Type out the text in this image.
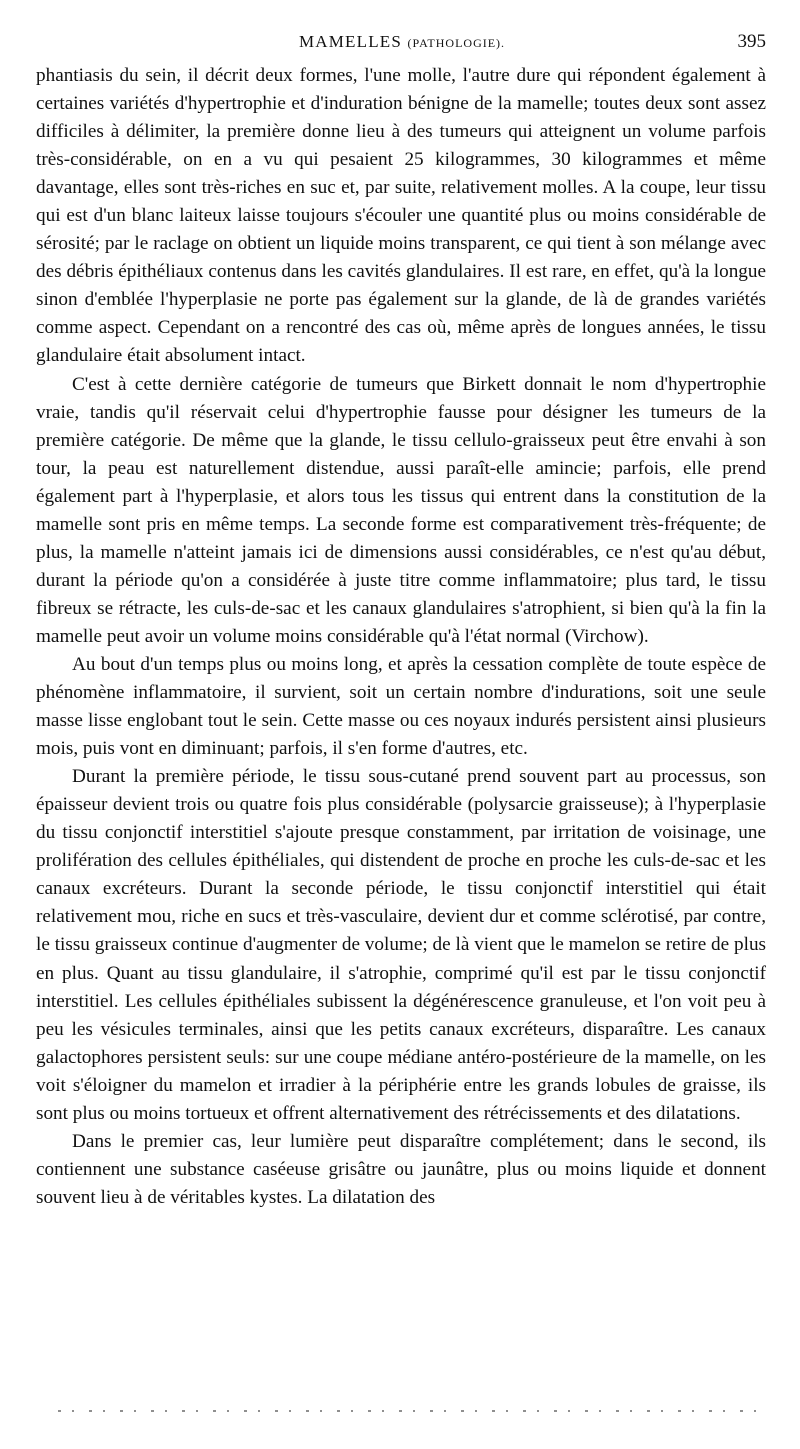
MAMELLES (PATHOLOGIE).	395

phantiasis du sein, il décrit deux formes, l'une molle, l'autre dure qui répondent également à certaines variétés d'hypertrophie et d'induration bénigne de la mamelle; toutes deux sont assez difficiles à délimiter, la première donne lieu à des tumeurs qui atteignent un volume parfois très-considérable, on en a vu qui pesaient 25 kilogrammes, 30 kilogrammes et même davantage, elles sont très-riches en suc et, par suite, relativement molles. A la coupe, leur tissu qui est d'un blanc laiteux laisse toujours s'écouler une quantité plus ou moins considérable de sérosité; par le raclage on obtient un liquide moins transparent, ce qui tient à son mélange avec des débris épithéliaux contenus dans les cavités glandulaires. Il est rare, en effet, qu'à la longue sinon d'emblée l'hyperplasie ne porte pas également sur la glande, de là de grandes variétés comme aspect. Cependant on a rencontré des cas où, même après de longues années, le tissu glandulaire était absolument intact.

C'est à cette dernière catégorie de tumeurs que Birkett donnait le nom d'hypertrophie vraie, tandis qu'il réservait celui d'hypertrophie fausse pour désigner les tumeurs de la première catégorie. De même que la glande, le tissu cellulo-graisseux peut être envahi à son tour, la peau est naturellement distendue, aussi paraît-elle amincie; parfois, elle prend également part à l'hyperplasie, et alors tous les tissus qui entrent dans la constitution de la mamelle sont pris en même temps. La seconde forme est comparativement très-fréquente; de plus, la mamelle n'atteint jamais ici de dimensions aussi considérables, ce n'est qu'au début, durant la période qu'on a considérée à juste titre comme inflammatoire; plus tard, le tissu fibreux se rétracte, les culs-de-sac et les canaux glandulaires s'atrophient, si bien qu'à la fin la mamelle peut avoir un volume moins considérable qu'à l'état normal (Virchow).

Au bout d'un temps plus ou moins long, et après la cessation complète de toute espèce de phénomène inflammatoire, il survient, soit un certain nombre d'indurations, soit une seule masse lisse englobant tout le sein. Cette masse ou ces noyaux indurés persistent ainsi plusieurs mois, puis vont en diminuant; parfois, il s'en forme d'autres, etc.

Durant la première période, le tissu sous-cutané prend souvent part au processus, son épaisseur devient trois ou quatre fois plus considérable (polysarcie graisseuse); à l'hyperplasie du tissu conjonctif interstitiel s'ajoute presque constamment, par irritation de voisinage, une prolifération des cellules épithéliales, qui distendent de proche en proche les culs-de-sac et les canaux excréteurs. Durant la seconde période, le tissu conjonctif interstitiel qui était relativement mou, riche en sucs et très-vasculaire, devient dur et comme sclérotisé, par contre, le tissu graisseux continue d'augmenter de volume; de là vient que le mamelon se retire de plus en plus. Quant au tissu glandulaire, il s'atrophie, comprimé qu'il est par le tissu conjonctif interstitiel. Les cellules épithéliales subissent la dégénérescence granuleuse, et l'on voit peu à peu les vésicules terminales, ainsi que les petits canaux excréteurs, disparaître. Les canaux galactophores persistent seuls: sur une coupe médiane antéro-postérieure de la mamelle, on les voit s'éloigner du mamelon et irradier à la périphérie entre les grands lobules de graisse, ils sont plus ou moins tortueux et offrent alternativement des rétrécissements et des dilatations.

Dans le premier cas, leur lumière peut disparaître complétement; dans le second, ils contiennent une substance caséeuse grisâtre ou jaunâtre, plus ou moins liquide et donnent souvent lieu à de véritables kystes. La dilatation des
